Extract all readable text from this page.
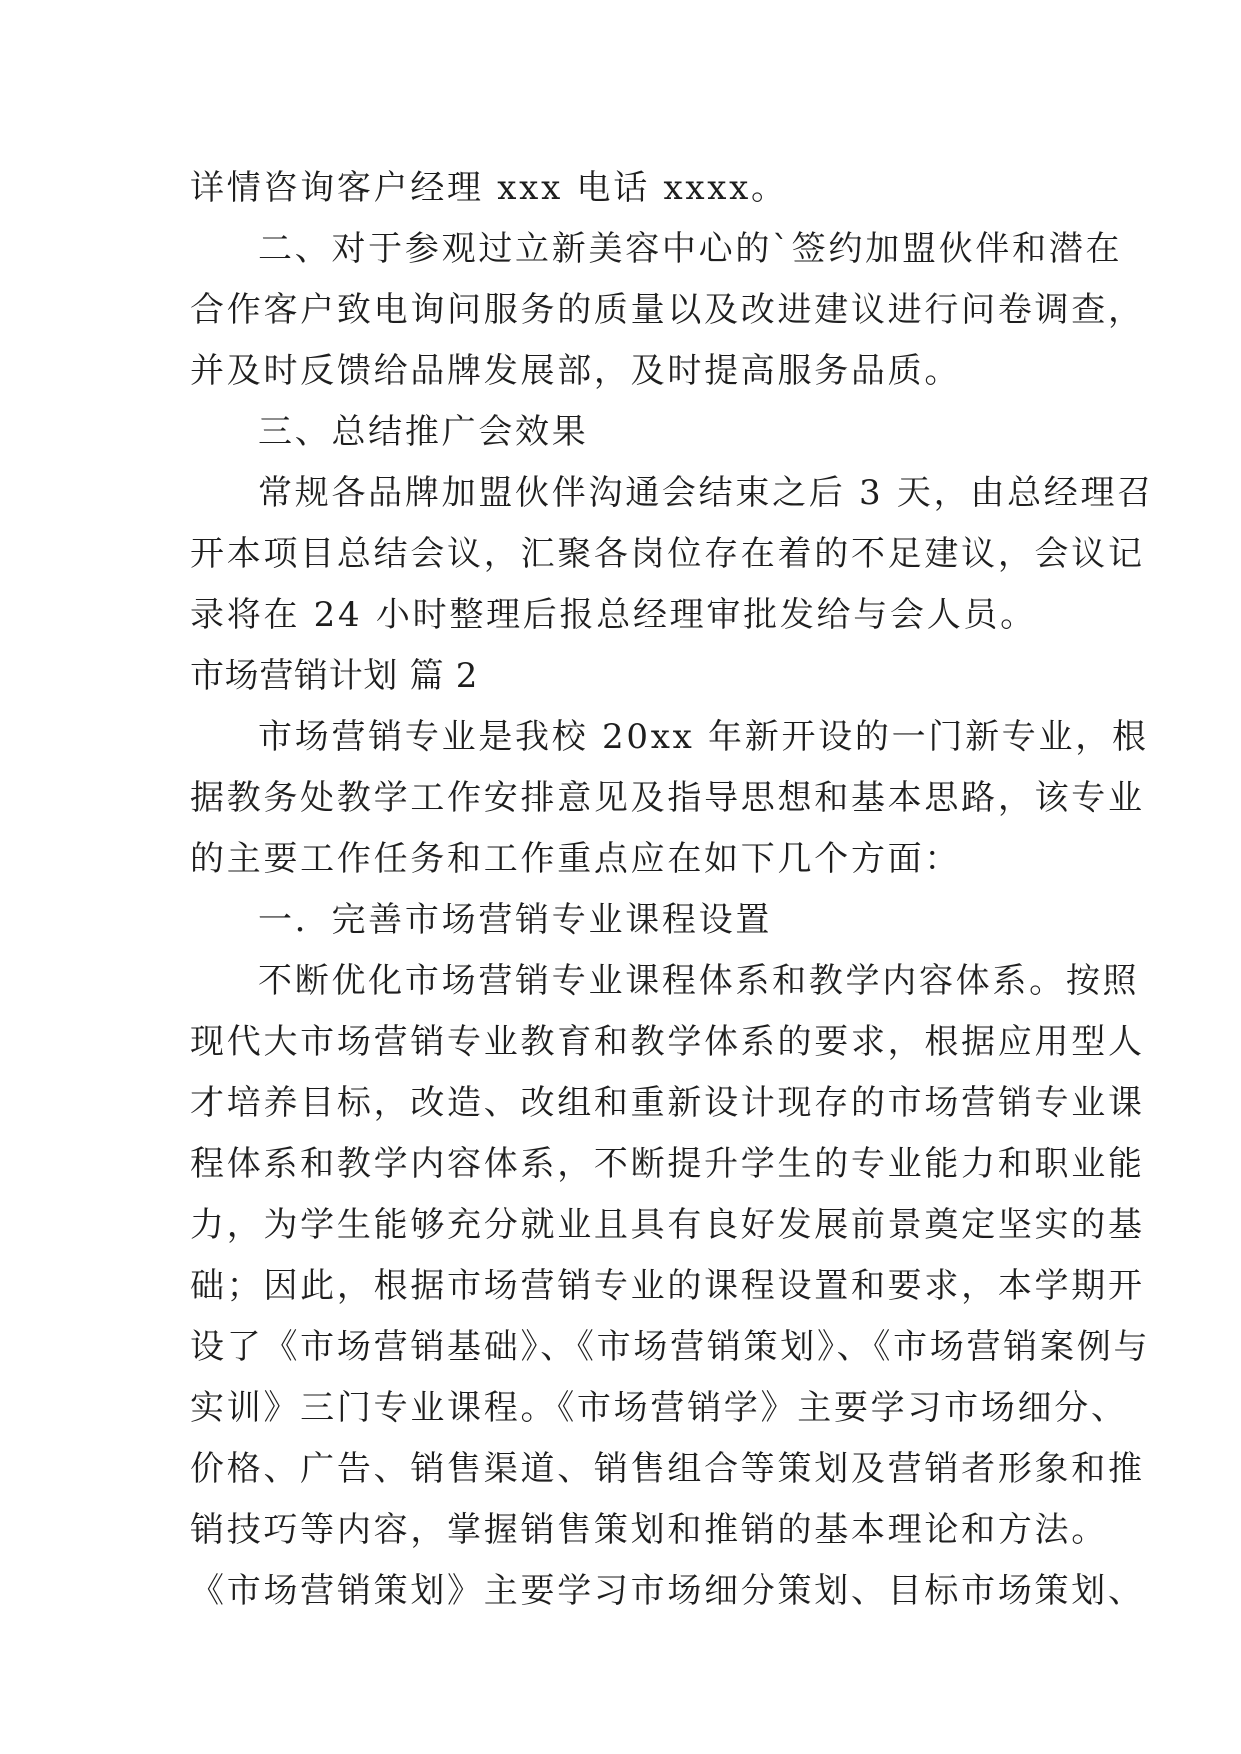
详情咨询客户经理 xxx 电话 xxxx。
二、对于参观过立新美容中心的`签约加盟伙伴和潜在
合作客户致电询问服务的质量以及改进建议进行问卷调查，
并及时反馈给品牌发展部，及时提高服务品质。
三、总结推广会效果
常规各品牌加盟伙伴沟通会结束之后 3 天，由总经理召
开本项目总结会议，汇聚各岗位存在着的不足建议，会议记
录将在 24 小时整理后报总经理审批发给与会人员。
市场营销计划 篇 2
市场营销专业是我校 20xx 年新开设的一门新专业，根
据教务处教学工作安排意见及指导思想和基本思路，该专业
的主要工作任务和工作重点应在如下几个方面：
一．完善市场营销专业课程设置
不断优化市场营销专业课程体系和教学内容体系。按照
现代大市场营销专业教育和教学体系的要求，根据应用型人
才培养目标，改造、改组和重新设计现存的市场营销专业课
程体系和教学内容体系，不断提升学生的专业能力和职业能
力，为学生能够充分就业且具有良好发展前景奠定坚实的基
础；因此，根据市场营销专业的课程设置和要求，本学期开
设了《市场营销基础》、《市场营销策划》、《市场营销案例与
实训》三门专业课程。《市场营销学》主要学习市场细分、
价格、广告、销售渠道、销售组合等策划及营销者形象和推
销技巧等内容，掌握销售策划和推销的基本理论和方法。
《市场营销策划》主要学习市场细分策划、目标市场策划、
